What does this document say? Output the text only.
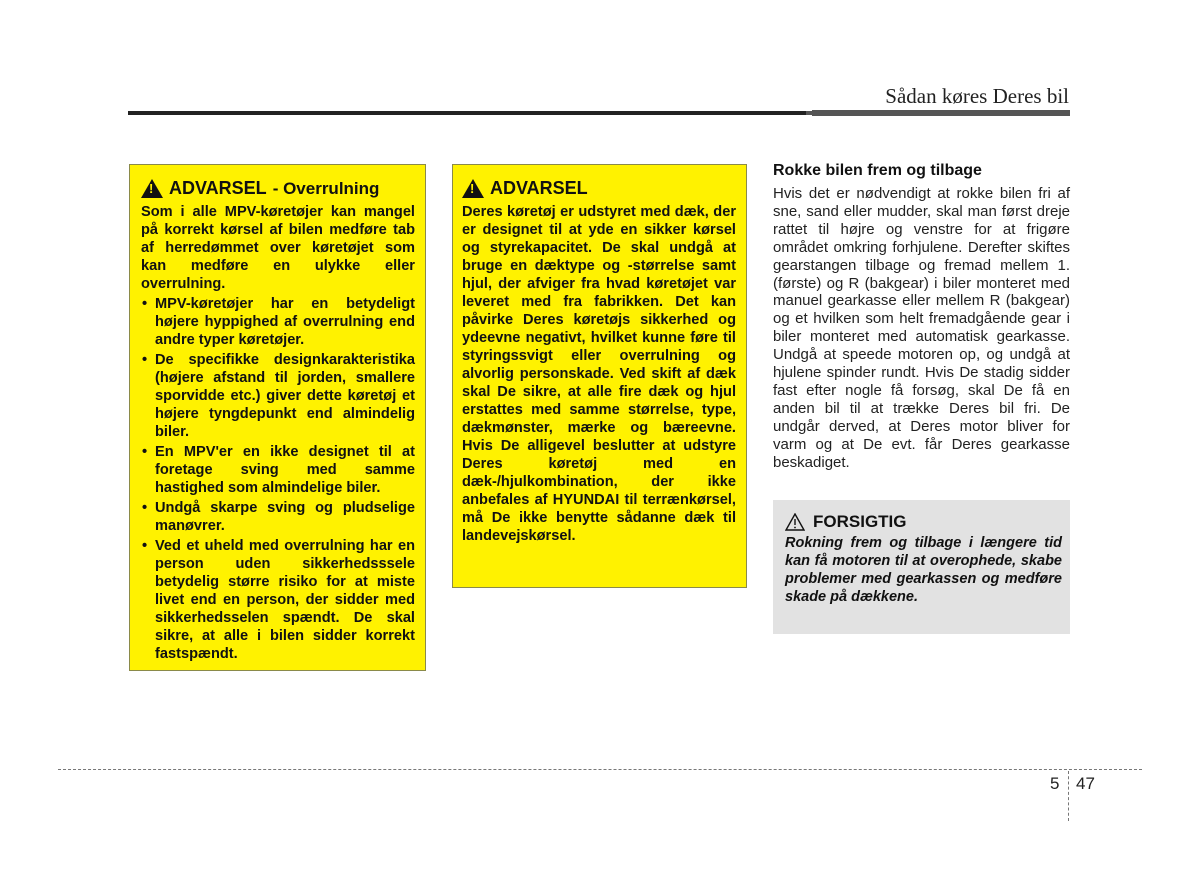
Sådan køres Deres bil
!
ADVARSEL - Overrulning

Som i alle MPV-køretøjer kan mangel på korrekt kørsel af bilen medføre tab af herredømmet over køretøjet som kan medføre en ulykke eller overrulning.

• MPV-køretøjer har en betydeligt højere hyppighed af overrulning end andre typer køretøjer.
• De specifikke designkarakteristika (højere afstand til jorden, smallere sporvidde etc.) giver dette køretøj et højere tyngdepunkt end almindelig biler.
• En MPV'er en ikke designet til at foretage sving med samme hastighed som almindelige biler.
• Undgå skarpe sving og pludselige manøvrer.
• Ved et uheld med overrulning har en person uden sikkerhedsssele betydelig større risiko for at miste livet end en person, der sidder med sikkerhedsselen spændt. De skal sikre, at alle i bilen sidder korrekt fastspændt.
!
ADVARSEL

Deres køretøj er udstyret med dæk, der er designet til at yde en sikker kørsel og styrekapacitet. De skal undgå at bruge en dæktype og -størrelse samt hjul, der afviger fra hvad køretøjet var leveret med fra fabrikken. Det kan påvirke Deres køretøjs sikkerhed og ydeevne negativt, hvilket kunne føre til styringssvigt eller overrulning og alvorlig personskade. Ved skift af dæk skal De sikre, at alle fire dæk og hjul erstattes med samme størrelse, type, dækmønster, mærke og bæreevne. Hvis De alligevel beslutter at udstyre Deres køretøj med en dæk-/hjulkombination, der ikke anbefales af HYUNDAI til terrænkørsel, må De ikke benytte sådanne dæk til landevejskørsel.

Rokke bilen frem og tilbage

Hvis det er nødvendigt at rokke bilen fri af sne, sand eller mudder, skal man først dreje rattet til højre og venstre for at frigøre området omkring forhjulene. Derefter skiftes gearstangen tilbage og fremad mellem 1. (første) og R (bakgear) i biler monteret med manuel gearkasse eller mellem R (bakgear) og et hvilken som helt fremadgående gear i biler monteret med automatisk gearkasse. Undgå at speede motoren op, og undgå at hjulene spinder rundt. Hvis De stadig sidder fast efter nogle få forsøg, skal De få en anden bil til at trække Deres bil fri. De undgår derved, at Deres motor bliver for varm og at De evt. får Deres gearkasse beskadiget.

FORSIGTIG

Rokning frem og tilbage i længere tid kan få motoren til at overophede, skabe problemer med gearkassen og medføre skade på dækkene.

5 47
